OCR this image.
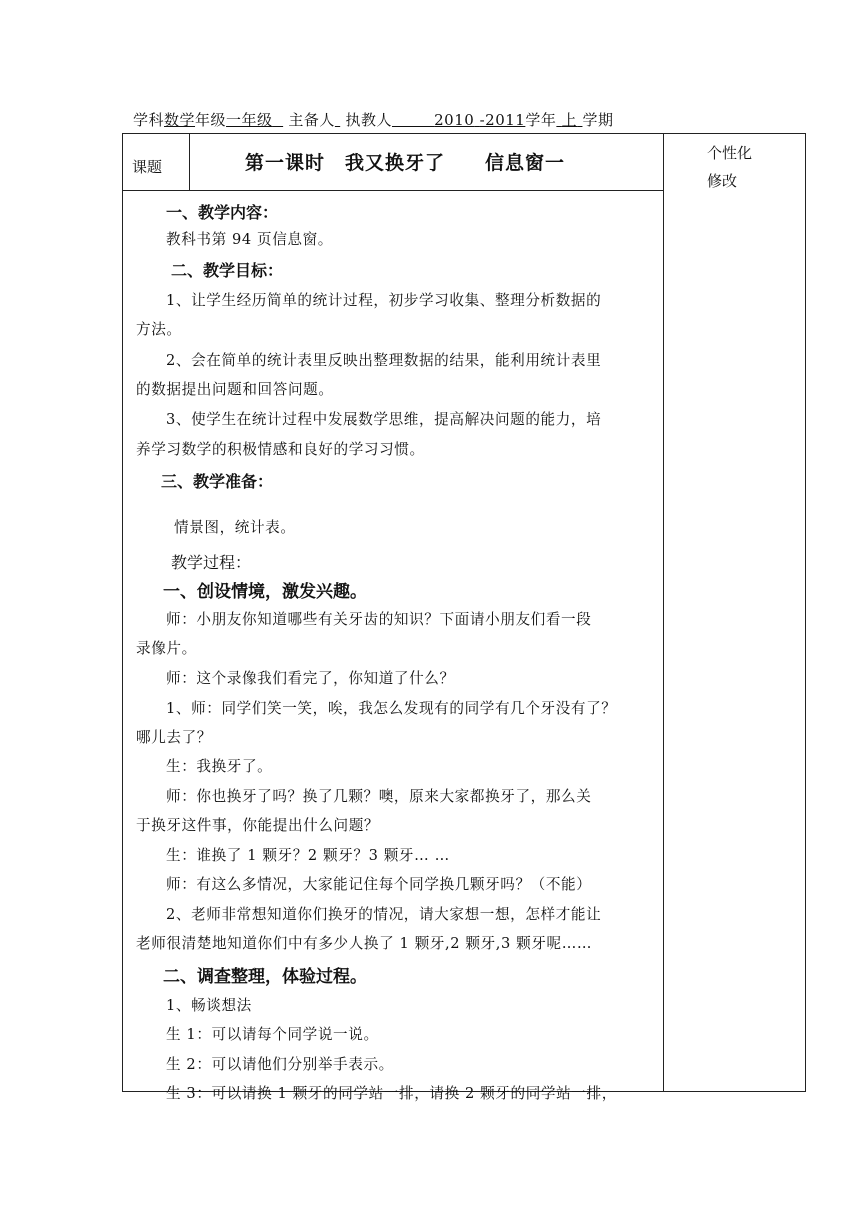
学科数学年级一年级 主备人 执教人	2010 -2011学年 上 学期
课题	第一课时　我又换牙了　　信息窗一	个性化
修改
一、教学内容：
教科书第 94 页信息窗。
二、教学目标：
1、让学生经历简单的统计过程，初步学习收集、整理分析数据的
方法。
2、会在简单的统计表里反映出整理数据的结果，能利用统计表里
的数据提出问题和回答问题。
3、使学生在统计过程中发展数学思维，提高解决问题的能力，培
养学习数学的积极情感和良好的学习习惯。
三、教学准备：
情景图，统计表。
教学过程：
一、创设情境，激发兴趣。
师：小朋友你知道哪些有关牙齿的知识？下面请小朋友们看一段
录像片。
师：这个录像我们看完了，你知道了什么？
1、师：同学们笑一笑，唉，我怎么发现有的同学有几个牙没有了？
哪儿去了？
生：我换牙了。
师：你也换牙了吗？换了几颗？噢，原来大家都换牙了，那么关
于换牙这件事，你能提出什么问题？
生：谁换了 1 颗牙？2 颗牙？3 颗牙… …
师：有这么多情况，大家能记住每个同学换几颗牙吗？（不能）
2、老师非常想知道你们换牙的情况，请大家想一想，怎样才能让
老师很清楚地知道你们中有多少人换了 1 颗牙,2 颗牙,3 颗牙呢……
二、调查整理，体验过程。
1、畅谈想法
生 1：可以请每个同学说一说。
生 2：可以请他们分别举手表示。
生 3：可以请换 1 颗牙的同学站一排，请换 2 颗牙的同学站一排，
